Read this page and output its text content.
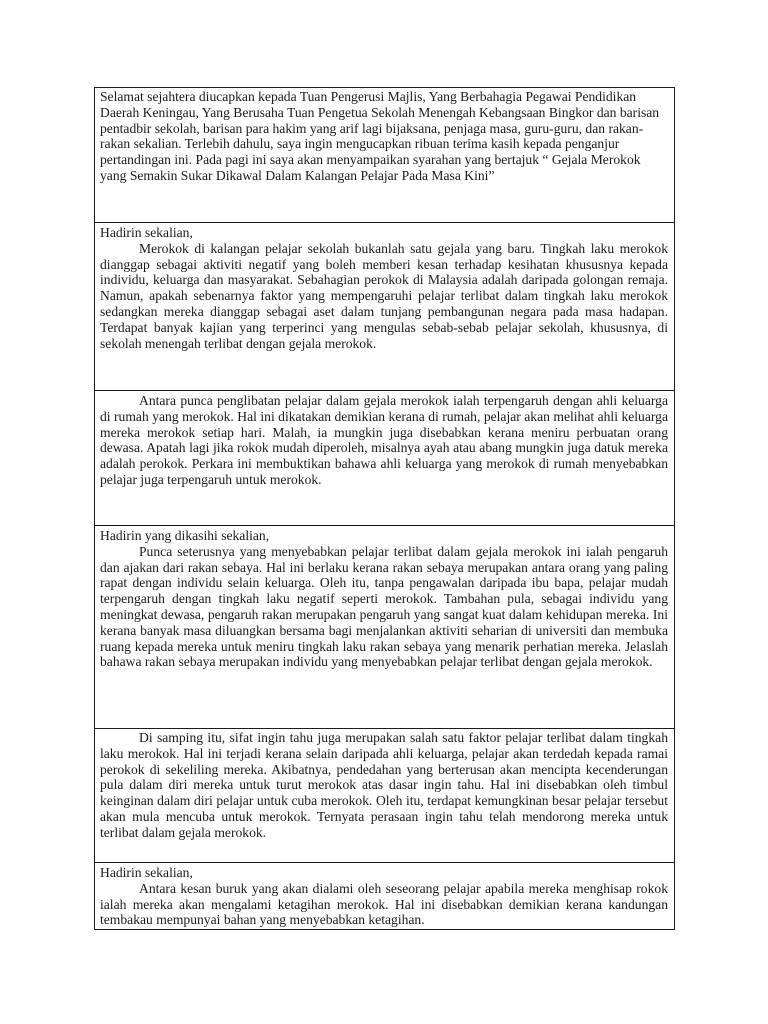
Selamat sejahtera diucapkan kepada Tuan Pengerusi Majlis, Yang Berbahagia Pegawai Pendidikan Daerah Keningau, Yang Berusaha Tuan Pengetua Sekolah Menengah Kebangsaan Bingkor dan barisan pentadbir sekolah, barisan para hakim yang arif lagi bijaksana, penjaga masa, guru-guru, dan rakan-rakan sekalian. Terlebih dahulu, saya ingin mengucapkan ribuan terima kasih kepada penganjur pertandingan ini. Pada pagi ini saya akan menyampaikan syarahan yang bertajuk “ Gejala Merokok yang Semakin Sukar Dikawal Dalam Kalangan Pelajar Pada Masa Kini”

Hadirin sekalian,

Merokok di kalangan pelajar sekolah bukanlah satu gejala yang baru. Tingkah laku merokok dianggap sebagai aktiviti negatif yang boleh memberi kesan terhadap kesihatan khususnya kepada individu, keluarga dan masyarakat. Sebahagian perokok di Malaysia adalah daripada golongan remaja. Namun, apakah sebenarnya faktor yang mempengaruhi pelajar terlibat dalam tingkah laku merokok sedangkan mereka dianggap sebagai aset dalam tunjang pembangunan negara pada masa hadapan. Terdapat banyak kajian yang terperinci yang mengulas sebab-sebab pelajar sekolah, khususnya, di sekolah menengah terlibat dengan gejala merokok.

Antara punca penglibatan pelajar dalam gejala merokok ialah terpengaruh dengan ahli keluarga di rumah yang merokok. Hal ini dikatakan demikian kerana di rumah, pelajar akan melihat ahli keluarga mereka merokok setiap hari. Malah, ia mungkin juga disebabkan kerana meniru perbuatan orang dewasa. Apatah lagi jika rokok mudah diperoleh, misalnya ayah atau abang mungkin juga datuk mereka adalah perokok. Perkara ini membuktikan bahawa ahli keluarga yang merokok di rumah menyebabkan pelajar juga terpengaruh untuk merokok.

Hadirin yang dikasihi sekalian,

Punca seterusnya yang menyebabkan pelajar terlibat dalam gejala merokok ini ialah pengaruh dan ajakan dari rakan sebaya. Hal ini berlaku kerana rakan sebaya merupakan antara orang yang paling rapat dengan individu selain keluarga. Oleh itu, tanpa pengawalan daripada ibu bapa, pelajar mudah terpengaruh dengan tingkah laku negatif seperti merokok. Tambahan pula, sebagai individu yang meningkat dewasa, pengaruh rakan merupakan pengaruh yang sangat kuat dalam kehidupan mereka. Ini kerana banyak masa diluangkan bersama bagi menjalankan aktiviti seharian di universiti dan membuka ruang kepada mereka untuk meniru tingkah laku rakan sebaya yang menarik perhatian mereka. Jelaslah bahawa rakan sebaya merupakan individu yang menyebabkan pelajar terlibat dengan gejala merokok.

Di samping itu, sifat ingin tahu juga merupakan salah satu faktor pelajar terlibat dalam tingkah laku merokok. Hal ini terjadi kerana selain daripada ahli keluarga, pelajar akan terdedah kepada ramai perokok di sekeliling mereka. Akibatnya, pendedahan yang berterusan akan mencipta kecenderungan pula dalam diri mereka untuk turut merokok atas dasar ingin tahu. Hal ini disebabkan oleh timbul keinginan dalam diri pelajar untuk cuba merokok. Oleh itu, terdapat kemungkinan besar pelajar tersebut akan mula mencuba untuk merokok. Ternyata perasaan ingin tahu telah mendorong mereka untuk terlibat dalam gejala merokok.

Hadirin sekalian,

Antara kesan buruk yang akan dialami oleh seseorang pelajar apabila mereka menghisap rokok ialah mereka akan mengalami ketagihan merokok. Hal ini disebabkan demikian kerana kandungan tembakau mempunyai bahan yang menyebabkan ketagihan.
